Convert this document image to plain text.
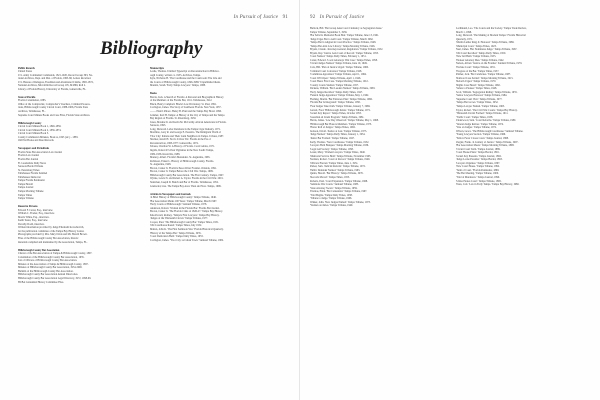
In Pursuit of Justice 91
Bibliography
Public Records
United States
U.S. Army Continental Commands, 1821-1920, Record Group 393, Na-
tional Archives, Dept. and Dist. of Florida, 1865-68, Letters Received.
U.S. Bureau of Refugees, Freedmen and Abandoned Claims, 1865-1872,
National Archives, Microfilm Record Group 105, M1869, Roll 2.
Library of Florida History, University of Florida, Gainesville, FL.
State of Florida
Florida Constitution, 1885.
Office of the Comptroller, Comptroller's Vouchers, Criminal Prosecu-
tions, Hillsborough County Circuit Court, 1888-1906, Florida State
Archives, Tallahassee, FL.
Supreme Court Minute Books and Case Files, Florida State Archives.
Hillsborough County
Circuit Court Minute Book 1, 1846-1856.
Circuit Court Minute Book 2, 1856-1874.
Circuit Court Minute Book 3.
County Commission Minutes, Book A, 1845 (sic.) - 1883.
Old Plat Books and Deed Records.
Newspapers and Periodicals
Florida State Bar Association Law Journal
Florida Law Journal
Florida Bar Journal
Ft. Lauderdale Daily News
Sarasota Herald Tribune
St. Petersburg Times
Tallahassee Florida Sentinel
Tallahassee Democrat
Tampa Florida Peninsular
Tampa Herald
Tampa Journal
Tampa Morning Tribune
Tampa Times
Tampa Tribune
Resource Persons
Edward F. Carter, Esq., interview.
William C. Frazier, Esq., interview.
Morris White, Esq., interview.
Keith Tester, Esq., interview.
Dorothy Dodd, interview.
Written information provided by Judge Elizabeth Kovachevich,
for the publication committee of the Tampa Bay History Center.
Photographs provided by Mrs. Mary Davis and Mr. Harold Brown.
Files of the Hillsborough County Bar Association, historic
materials compiled and maintained by the Association, Tampa, FL.
Hillsborough County Bar Association
Charter of the Bar Association of Tampa & Hillsborough County, 1897.
Constitution of the Hillsborough County Bar Association, 1935.
List of Officers of Hillsborough County Bar Association.
Minutes of the Association of Tampa & Hillsborough County, 1897.
Minutes of Hillsborough County Bar Association, 1934-1990.
Bulletin of the Hillsborough County Bar Association.
Hillsborough County Bar Association Annual Directories.
Hillsborough County Bar Association Legal Directory, 1972, 1998-99.
HCBA Centennial History Committee Files.
Manuscripts
Leslie, Thomas. Untitled Typescript on Reconstruction in Hillsbor-
ough County, written ca. 1935. Archives, Tampa.
Kyle, Nicholas H. 'The Courthouse and the Courtroom: The Life and
the Courts of Hillsborough County, 1846-1988.' Unpublished thesis.
Mannix, Sarah. 'Early Tampa Lawyers.' Tampa, 1988.
Books
Barcia, Jack. A Sketch of Florida: A Personal and Biographical History
of the Members of the Florida Bar, 1911. Tallahassee, 1912.
Black, Henry Campbell. Black's Law Dictionary. St. Paul, 1891.
Covington, James. The Story of Southwest Florida. New York, 1957.
——. Plant's Palace. Henry B. Plant and the Tampa Bay Hotel. 1990.
Grismer, Karl H. Tampa: A History of the City of Tampa and the Tampa
Bay Region of Florida. St. Petersburg, 1950.
Jones, Maxine D. and Kevin M. McCarthy. African Americans in Florida.
Sarasota, 1993.
Long, Durward. Labor Relations in the Tampa Cigar Industry. 1971.
Mormino, Gary R. and George E. Pozzetta. The Immigrant World of
Ybor City: Italians and Their Latin Neighbors in Tampa. Urbana, 1987.
Shofner, Jerrell H. Nor Is It Over Yet: Florida in the Era of
Reconstruction, 1863-1877. Gainesville, 1974.
Tebeau, Charlton W. A History of Florida. Coral Gables, 1971.
Ingalls, Robert P. Urban Vigilantes in the New South: Tampa,
1882-1936. Knoxville, 1988.
Manucy, Albert. Florida's Menendez. St. Augustine, 1965.
Robinson, Ernest L. History of Hillsborough County, Florida.
St. Augustine, 1928.
Brown, Canter Jr. Florida's Peace River Frontier. Orlando, 1991.
Brown, Canter Jr. Tampa Before the Civil War. Tampa, 1999.
Hillsborough County Bar Association. The First Century. Tampa, 1997.
Wynne, Lewis N. and Robert A. Taylor. Florida in the Civil War. 2001.
Stutzman, Joseph D. Bench and Bar of Florida. Tallahassee, 1952.
Grunwald, Lisa. The Tampa Bay Area: Then and Now. Tampa, 1999.
Articles in Newspapers and Journals
'A Brief History of Hillsborough County.' Tampa Tribune, 1946.
'Bar Association Marks 100 Years.' Tampa Tribune, March 1997.
'Early Courts of Hillsborough.' Sunland Tribune, 1978.
Anderson, Robert. 'Women in the Florida Bar.' Florida Bar Journal.
Brown, Canter Jr. 'The Florida Crisis of 1826-27.' Tampa Bay History.
Kite-Powell, Rodney. 'Tampa's First Lawyers.' Tampa Bay History.
'Judges of the Thirteenth Circuit.' Tampa Tribune, 1977.
Cooper, Paul. 'The Hillsborough County Bar.' Tampa Times, 1951.
'Old Courthouse Razed.' Tampa Times, July 1952.
Mahon, John K. 'The First Seminole War.' Florida Historical Quarterly.
'History of the Tampa Bar.' Tampa Tribune, 1935.
'Court Dedication Held.' Tampa Daily Times, 1953.
Covington, James. 'Ybor City: A Cuban Town.' Sunland Tribune, 1982.
92 In Pursuit of Justice
Bullock, Bill. 'Bar Group Asks Court Clemency as Segregation Issue.'
Tampa Tribune, September 5, 1956.
'Bar Sells Its Memorial Book Ban.' Tampa Tribune, June 13, 1961.
'Judge Urges Bar to Aid Court.' Tampa Tribune, March 1962.
'Tampa Bar Is Aligned in Court Practice.' Tampa Tribune, 1948.
'Tampa Bar Aids Law Library.' Tampa Morning Tribune, 1926.
Bryant, Claude. 'Attorney-General, Regulation.' Tampa Tribune, 1952.
Bryant, Ray. 'Justice Gets Court of Record.' Tampa Tribune, 1953.
'Court Named.' Tampa Daily Times, February 1, 1951.
Carter, Edward. 'Local Attorneys Win Case.' Tampa Times, 1958.
'Circuit Judges Named.' Tampa Tribune, June 19, 1949.
Cole, Bill. 'Plan of Justice Urged.' Tampa Tribune, 1960.
'Criminal Court Convened.' Tampa Tribune, 1928.
'Committee Appointed.' Tampa Tribune, April 1, 1964.
'Court Will Open.' Tampa Tribune, April 1, 1946.
'Court Hears First Case.' Tampa Morning Tribune, 1912.
'County Courts Studied.' Tampa Tribune, 1957.
Dickens, William. 'Bar Leaders Named.' Tampa Tribune, 1963.
'Early Judges Recalled.' Tampa Daily Times, 1947.
'Federal Judge Appointed.' Tampa Tribune, May 1, 1962.
Fleming, Martin. 'Bar Endorses Plan.' Tampa Tribune, 1966.
'Florida Bar Is Integrated.' Tampa Tribune, 1950.
'Four Judges Take Oath.' Tampa Tribune, January 7, 1969.
Garrett, Fred. 'Hillsborough Jurists.' Tampa Tribune, 1971.
'Grand Jury Report.' Tampa Times, October 1955.
'Guardian ad Litem Program.' Tampa Tribune, 1981.
Harris, James. 'Law Day Observed.' Tampa Tribune, May 1, 1968.
'Hillsborough Bar Honors Members.' Tampa Tribune, 1973.
'Honor Roll of Judges.' Tampa Times, 1962.
Jackson, David. 'Justice at Last.' Tampa Tribune, 1975.
'Judge Named.' Tampa Daily Times, January 1, 1954.
'Junior Bar Formed.' Tampa Tribune, 1947.
Kelly, Thomas. 'New Courthouse.' Tampa Tribune, 1952.
'Lawyers Hold Banquet.' Tampa Morning Tribune, 1936.
'Legal Aid Society.' Tampa Tribune, 1958.
Lester, Mary. 'Women Lawyers.' Tampa Times, 1940.
'Memorial Service Held.' Tampa Tribune, November 1963.
Norman, Robert. 'Court of Record.' Tampa Tribune, 1949.
'Officers Elected.' Tampa Times, June 1, 1951.
Parker, Sam. 'Judicial Reform.' Tampa Tribune, 1972.
'Public Defender Named.' Tampa Tribune, 1963.
Quinn, Harold. 'Bar History.' Tampa Tribune, 1976.
'Records Moved.' Tampa Times, 1953.
Roberts, Paul. 'Court Expansion.' Tampa Tribune, 1968.
'Seminole War Courts.' Sunland Tribune, 1985.
'State Attorney Sworn.' Tampa Tribune, 1959.
Thomas, Ellen. 'Bar Centennial.' Tampa Tribune, 1997.
'Trial Begins.' Tampa Daily Times, 1938.
'Tribute to Judge.' Tampa Tribune, 1966.
Walker, John. 'New Judges Named.' Tampa Tribune, 1973.
'Women on Juries.' Tampa Tribune, 1949.
Lachmund, Leo. 'The Courts and the Society.' Tampa Trade Review,
March 1, 1998.
Long, Durward. 'The Making of Modern Tampa.' Florida Historical
Quarterly, 1971.
'Martin Luther King Jr. Honored.' Tampa Tribune, 1986.
'Municipal Court.' Tampa Times, 1923.
Neal, James. 'Bar Nominates Judge.' Tampa Tribune, 1967.
'Old Court Recalled.' Tampa Daily Times, 1950.
'New Jail Built.' Tampa Tribune, 1955.
'Pioneer Attorney Dies.' Tampa Tribune, 1942.
Nelson, Alfred. 'Justice on the Frontier.' Sunland Tribune, 1979.
'Probate Court.' Tampa Tribune, 1931.
'Progress of the Bar.' Tampa Times, 1957.
Palmer, Jack. 'Bar Celebrates.' Tampa Tribune, 1987.
'Railroad Case Settled.' Tampa Morning Tribune, 1915.
'Reform Urged.' Tampa Tribune, 1970.
'Rights Case Heard.' Tampa Tribune, 1962.
'Salute to Pioneer.' Tampa Times, 1948.
Scott, William. 'Segregation Ruling.' Tampa Tribune, 1955.
'Senior Lawyers Honored.' Tampa Tribune, 1984.
'Supreme Court Visit.' Tampa Tribune, 1977.
'Tampa Bar Grows.' Tampa Times, 1952.
'Tampa Lawyer Named.' Tampa Tribune, 1965.
Taylor, Robert. 'The Civil War Courts.' Tampa Bay History.
'Thirteenth Circuit Formed.' Tampa Tribune, 1911.
'Traffic Court.' Tampa Times, 1958.
Underwood, Sam. 'Court Reforms.' Tampa Tribune, 1980.
'Veteran Judge Retires.' Tampa Tribune, 1974.
'Vote on Judges.' Tampa Tribune, 1972.
Wilson, Grace. 'The Hillsborough Courthouse.' Sunland Tribune.
'Young Lawyers Section.' Tampa Tribune, 1969.
'Yellow Fever Closes Court.' Tampa Journal, 1888.
Ziegler, Frank. 'A Century of Justice.' Tampa Tribune, 1997.
'Bar Association Meets.' Tampa Morning Tribune, 1898.
'Circuit Court Term.' Tampa Journal, 1889.
'Court House Plans.' Tampa Herald, 1891.
'Grand Jury Presents.' Tampa Journal, 1892.
'Judge Locke Presides.' Tampa Herald, 1893.
'Lawyers Organize.' Tampa Tribune, 1897.
'New Court House.' Tampa Tribune, 1892.
'Term of Court.' Florida Peninsular, 1868.
'The Bar Meeting.' Tampa Tribune, 1900.
'Trial of Murderers.' Tampa Journal, 1890.
'United States Court.' Tampa Tribune, 1895.
Yates, Carl. 'Law in Early Tampa.' Tampa Bay History, 1980.
